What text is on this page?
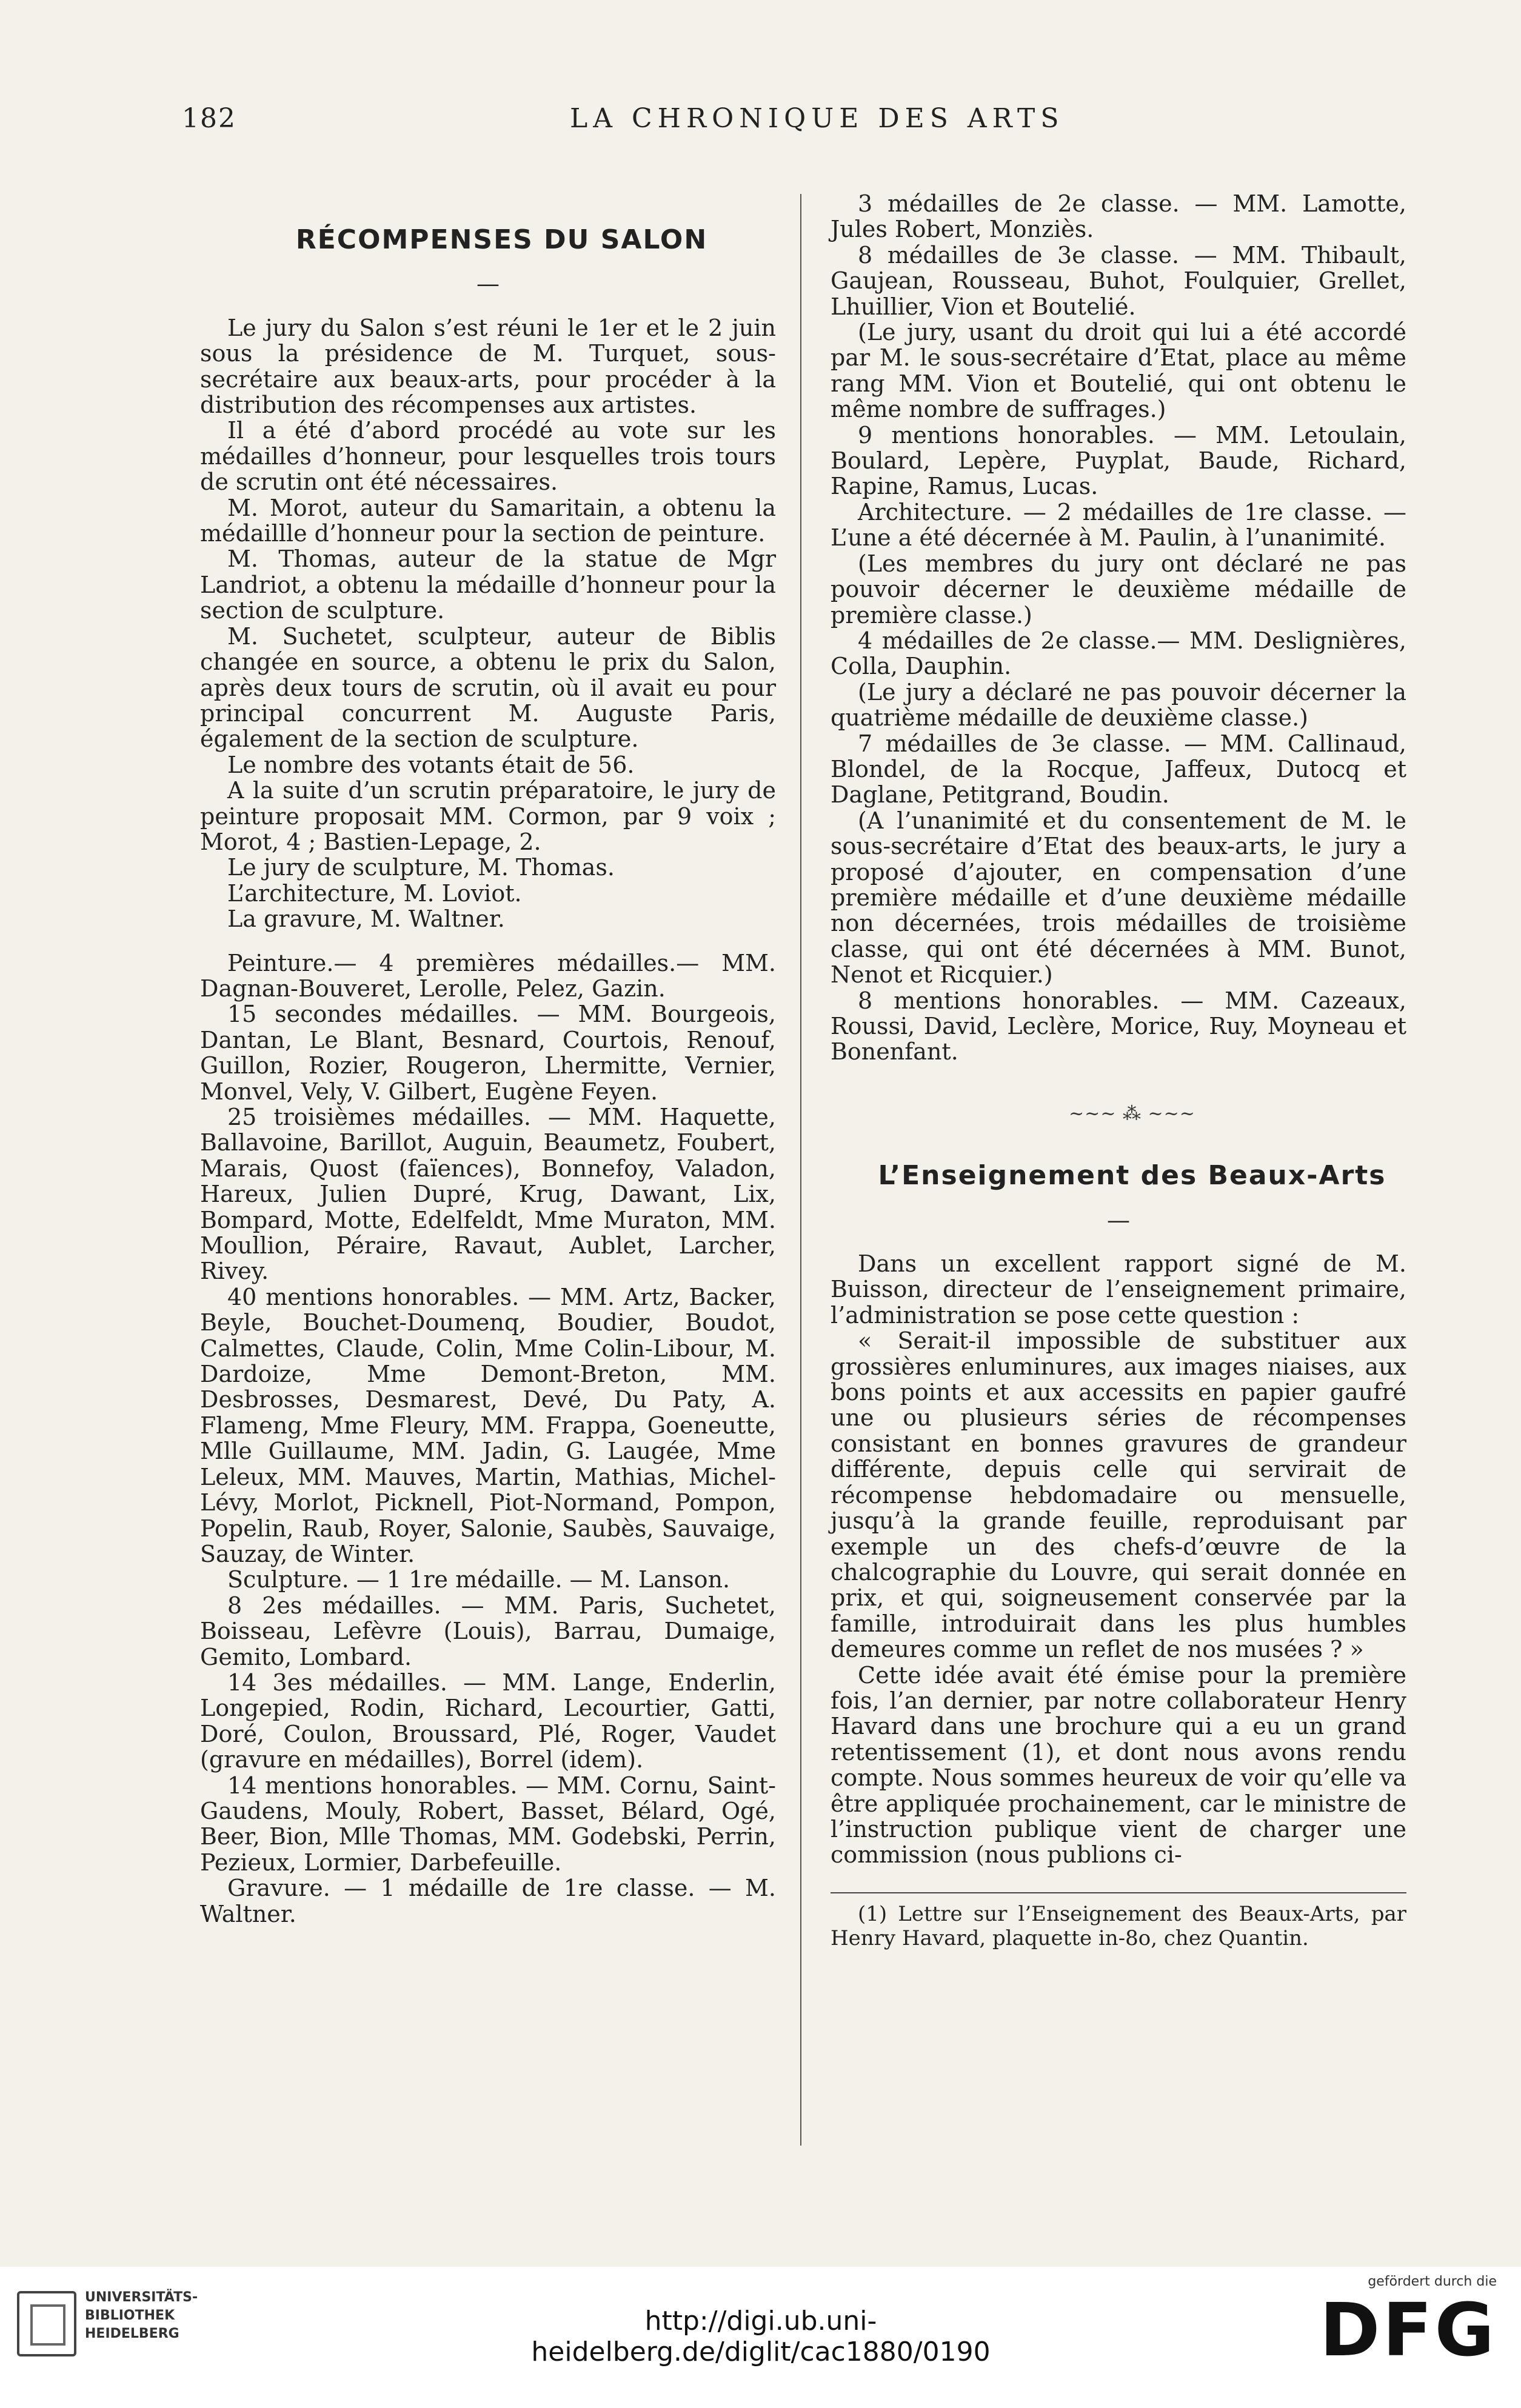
182	LA CHRONIQUE DES ARTS

RÉCOMPENSES DU SALON

—

Le jury du Salon s’est réuni le 1er et le 2 juin sous la présidence de M. Turquet, sous-secrétaire aux beaux-arts, pour procéder à la distribution des récompenses aux artistes.

Il a été d’abord procédé au vote sur les médailles d’honneur, pour lesquelles trois tours de scrutin ont été nécessaires.

M. Morot, auteur du Samaritain, a obtenu la médaillle d’honneur pour la section de peinture.

M. Thomas, auteur de la statue de Mgr Landriot, a obtenu la médaille d’honneur pour la section de sculpture.

M. Suchetet, sculpteur, auteur de Biblis changée en source, a obtenu le prix du Salon, après deux tours de scrutin, où il avait eu pour principal concurrent M. Auguste Paris, également de la section de sculpture.

Le nombre des votants était de 56.

A la suite d’un scrutin préparatoire, le jury de peinture proposait MM. Cormon, par 9 voix ; Morot, 4 ; Bastien-Lepage, 2.

Le jury de sculpture, M. Thomas.

L’architecture, M. Loviot.

La gravure, M. Waltner.

Peinture.— 4 premières médailles.— MM. Dagnan-Bouveret, Lerolle, Pelez, Gazin.

15 secondes médailles. — MM. Bourgeois, Dantan, Le Blant, Besnard, Courtois, Renouf, Guillon, Rozier, Rougeron, Lhermitte, Vernier, Monvel, Vely, V. Gilbert, Eugène Feyen.

25 troisièmes médailles. — MM. Haquette, Ballavoine, Barillot, Auguin, Beaumetz, Foubert, Marais, Quost (faïences), Bonnefoy, Valadon, Hareux, Julien Dupré, Krug, Dawant, Lix, Bompard, Motte, Edelfeldt, Mme Muraton, MM. Moullion, Péraire, Ravaut, Aublet, Larcher, Rivey.

40 mentions honorables. — MM. Artz, Backer, Beyle, Bouchet-Doumenq, Boudier, Boudot, Calmettes, Claude, Colin, Mme Colin-Libour, M. Dardoize, Mme Demont-Breton, MM. Desbrosses, Desmarest, Devé, Du Paty, A. Flameng, Mme Fleury, MM. Frappa, Goeneutte, Mlle Guillaume, MM. Jadin, G. Laugée, Mme Leleux, MM. Mauves, Martin, Mathias, Michel-Lévy, Morlot, Picknell, Piot-Normand, Pompon, Popelin, Raub, Royer, Salonie, Saubès, Sauvaige, Sauzay, de Winter.

Sculpture. — 1 1re médaille. — M. Lanson.

8 2es médailles. — MM. Paris, Suchetet, Boisseau, Lefèvre (Louis), Barrau, Dumaige, Gemito, Lombard.

14 3es médailles. — MM. Lange, Enderlin, Longepied, Rodin, Richard, Lecourtier, Gatti, Doré, Coulon, Broussard, Plé, Roger, Vaudet (gravure en médailles), Borrel (idem).

14 mentions honorables. — MM. Cornu, Saint-Gaudens, Mouly, Robert, Basset, Bélard, Ogé, Beer, Bion, Mlle Thomas, MM. Godebski, Perrin, Pezieux, Lormier, Darbefeuille.

Gravure. — 1 médaille de 1re classe. — M. Waltner.

3 médailles de 2e classe. — MM. Lamotte, Jules Robert, Monziès.

8 médailles de 3e classe. — MM. Thibault, Gaujean, Rousseau, Buhot, Foulquier, Grellet, Lhuillier, Vion et Boutelié.

(Le jury, usant du droit qui lui a été accordé par M. le sous-secrétaire d’Etat, place au même rang MM. Vion et Boutelié, qui ont obtenu le même nombre de suffrages.)

9 mentions honorables. — MM. Letoulain, Boulard, Lepère, Puyplat, Baude, Richard, Rapine, Ramus, Lucas.

Architecture. — 2 médailles de 1re classe. — L’une a été décernée à M. Paulin, à l’unanimité.

(Les membres du jury ont déclaré ne pas pouvoir décerner le deuxième médaille de première classe.)

4 médailles de 2e classe.— MM. Deslignières, Colla, Dauphin.

(Le jury a déclaré ne pas pouvoir décerner la quatrième médaille de deuxième classe.)

7 médailles de 3e classe. — MM. Callinaud, Blondel, de la Rocque, Jaffeux, Dutocq et Daglane, Petitgrand, Boudin.

(A l’unanimité et du consentement de M. le sous-secrétaire d’Etat des beaux-arts, le jury a proposé d’ajouter, en compensation d’une première médaille et d’une deuxième médaille non décernées, trois médailles de troisième classe, qui ont été décernées à MM. Bunot, Nenot et Ricquier.)

8 mentions honorables. — MM. Cazeaux, Roussi, David, Leclère, Morice, Ruy, Moyneau et Bonenfant.

~~~ ⁂ ~~~

L’Enseignement des Beaux-Arts

—

Dans un excellent rapport signé de M. Buisson, directeur de l’enseignement primaire, l’administration se pose cette question :

« Serait-il impossible de substituer aux grossières enluminures, aux images niaises, aux bons points et aux accessits en papier gaufré une ou plusieurs séries de récompenses consistant en bonnes gravures de grandeur différente, depuis celle qui servirait de récompense hebdomadaire ou mensuelle, jusqu’à la grande feuille, reproduisant par exemple un des chefs-d’œuvre de la chalcographie du Louvre, qui serait donnée en prix, et qui, soigneusement conservée par la famille, introduirait dans les plus humbles demeures comme un reflet de nos musées ? »

Cette idée avait été émise pour la première fois, l’an dernier, par notre collaborateur Henry Havard dans une brochure qui a eu un grand retentissement (1), et dont nous avons rendu compte. Nous sommes heureux de voir qu’elle va être appliquée prochainement, car le ministre de l’instruction publique vient de charger une commission (nous publions ci-

(1) Lettre sur l’Enseignement des Beaux-Arts, par Henry Havard, plaquette in-8o, chez Quantin.

UNIVERSITÄTS-
BIBLIOTHEK
HEIDELBERG	http://digi.ub.uni-heidelberg.de/diglit/cac1880/0190
gefördert durch die
DFG
